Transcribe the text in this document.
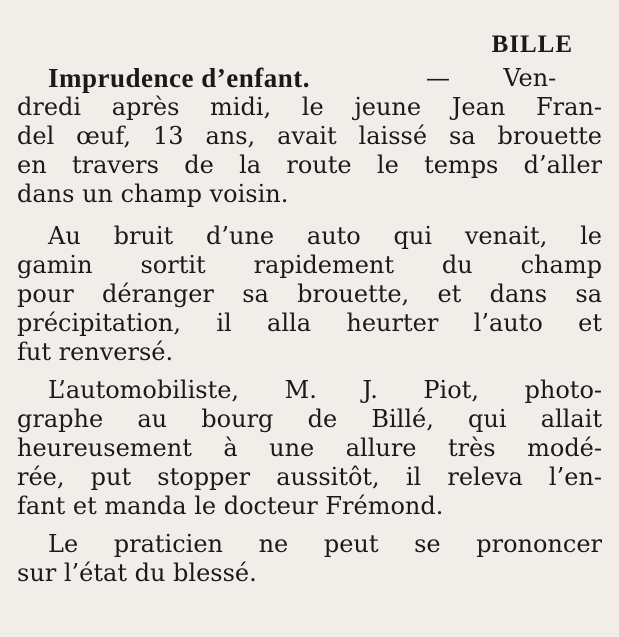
BILLE
Imprudence d’enfant.	— Ven-
dredi après midi, le jeune Jean Fran-
del œuf, 13 ans, avait laissé sa brouette
en travers de la route le temps d’aller
dans un champ voisin.
Au bruit d’une auto qui venait, le
gamin sortit rapidement du champ
pour déranger sa brouette, et dans sa
précipitation, il alla heurter l’auto et
fut renversé.
L’automobiliste, M. J. Piot, photo-
graphe au bourg de Billé, qui allait
heureusement à une allure très modé-
rée, put stopper aussitôt, il releva l’en-
fant et manda le docteur Frémond.
Le praticien ne peut se prononcer
sur l’état du blessé.
